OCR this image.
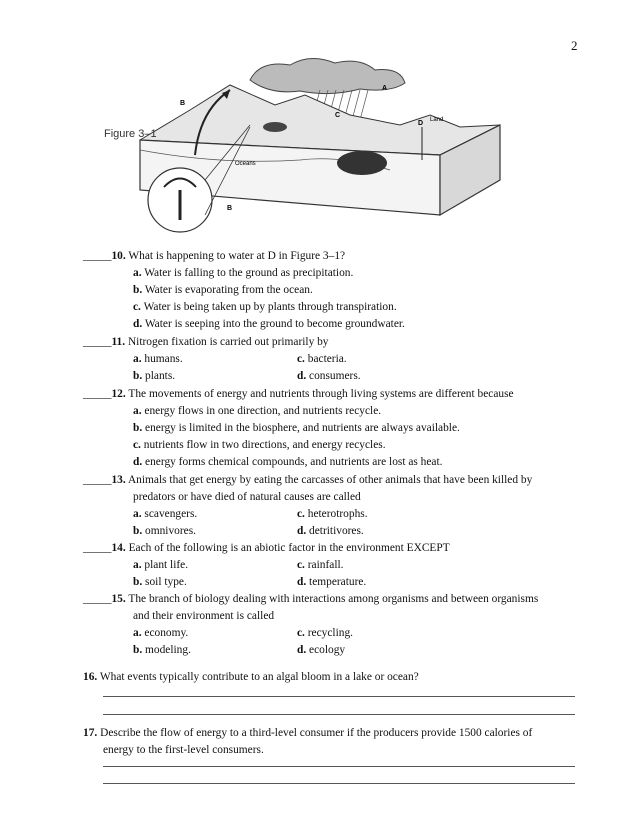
2
B
A
C
D Land
Oceans
B
Figure 3–1
_____10. What is happening to water at D in Figure 3–1?
a. Water is falling to the ground as precipitation.
b. Water is evaporating from the ocean.
c. Water is being taken up by plants through transpiration.
d. Water is seeping into the ground to become groundwater.
_____11. Nitrogen fixation is carried out primarily by
a. humans.	c. bacteria.
b. plants.	d. consumers.
_____12. The movements of energy and nutrients through living systems are different because
a. energy flows in one direction, and nutrients recycle.
b. energy is limited in the biosphere, and nutrients are always available.
c. nutrients flow in two directions, and energy recycles.
d. energy forms chemical compounds, and nutrients are lost as heat.
_____13. Animals that get energy by eating the carcasses of other animals that have been killed by
predators or have died of natural causes are called
a. scavengers.	c. heterotrophs.
b. omnivores.	d. detritivores.
_____14. Each of the following is an abiotic factor in the environment EXCEPT
a. plant life.	c. rainfall.
b. soil type.	d. temperature.
_____15. The branch of biology dealing with interactions among organisms and between organisms
and their environment is called
a. economy.	c. recycling.
b. modeling.	d. ecology
16. What events typically contribute to an algal bloom in a lake or ocean?
17. Describe the flow of energy to a third-level consumer if the producers provide 1500 calories of
energy to the first-level consumers.
